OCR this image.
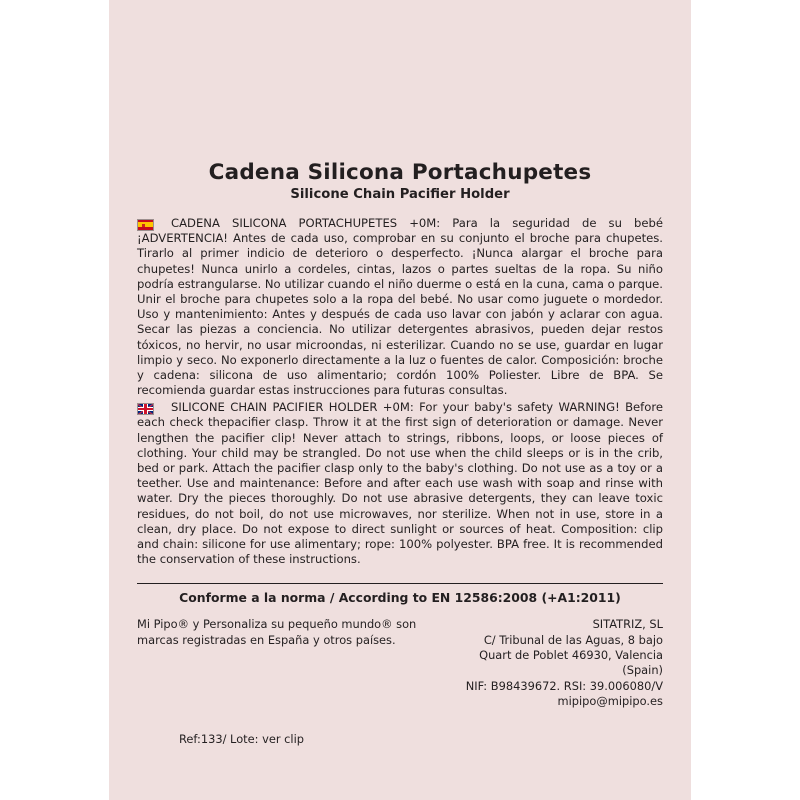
Cadena Silicona Portachupetes
Silicone Chain Pacifier Holder

CADENA SILICONA PORTACHUPETES +0M: Para la seguridad de su bebé ¡ADVERTENCIA! Antes de cada uso, comprobar en su conjunto el broche para chupetes. Tirarlo al primer indicio de deterioro o desperfecto. ¡Nunca alargar el broche para chupetes! Nunca unirlo a cordeles, cintas, lazos o partes sueltas de la ropa. Su niño podría estrangularse. No utilizar cuando el niño duerme o está en la cuna, cama o parque. Unir el broche para chupetes solo a la ropa del bebé. No usar como juguete o mordedor. Uso y mantenimiento: Antes y después de cada uso lavar con jabón y aclarar con agua. Secar las piezas a conciencia. No utilizar detergentes abrasivos, pueden dejar restos tóxicos, no hervir, no usar microondas, ni esterilizar. Cuando no se use, guardar en lugar limpio y seco. No exponerlo directamente a la luz o fuentes de calor. Composición: broche y cadena: silicona de uso alimentario; cordón 100% Poliester. Libre de BPA. Se recomienda guardar estas instrucciones para futuras consultas.

SILICONE CHAIN PACIFIER HOLDER +0M: For your baby's safety WARNING! Before each check thepacifier clasp. Throw it at the first sign of deterioration or damage. Never lengthen the pacifier clip! Never attach to strings, ribbons, loops, or loose pieces of clothing. Your child may be strangled. Do not use when the child sleeps or is in the crib, bed or park. Attach the pacifier clasp only to the baby's clothing. Do not use as a toy or a teether. Use and maintenance: Before and after each use wash with soap and rinse with water. Dry the pieces thoroughly. Do not use abrasive detergents, they can leave toxic residues, do not boil, do not use microwaves, nor sterilize. When not in use, store in a clean, dry place. Do not expose to direct sunlight or sources of heat. Composition: clip and chain: silicone for use alimentary; rope: 100% polyester. BPA free. It is recommended the conservation of these instructions.

Conforme a la norma / According to EN 12586:2008 (+A1:2011)
Mi Pipo® y Personaliza su pequeño mundo® son marcas registradas en España y otros países.
SITATRIZ, SL
C/ Tribunal de las Aguas, 8 bajo
Quart de Poblet 46930, Valencia (Spain)
NIF: B98439672. RSI: 39.006080/V
mipipo@mipipo.es
Ref:133/ Lote: ver clip
